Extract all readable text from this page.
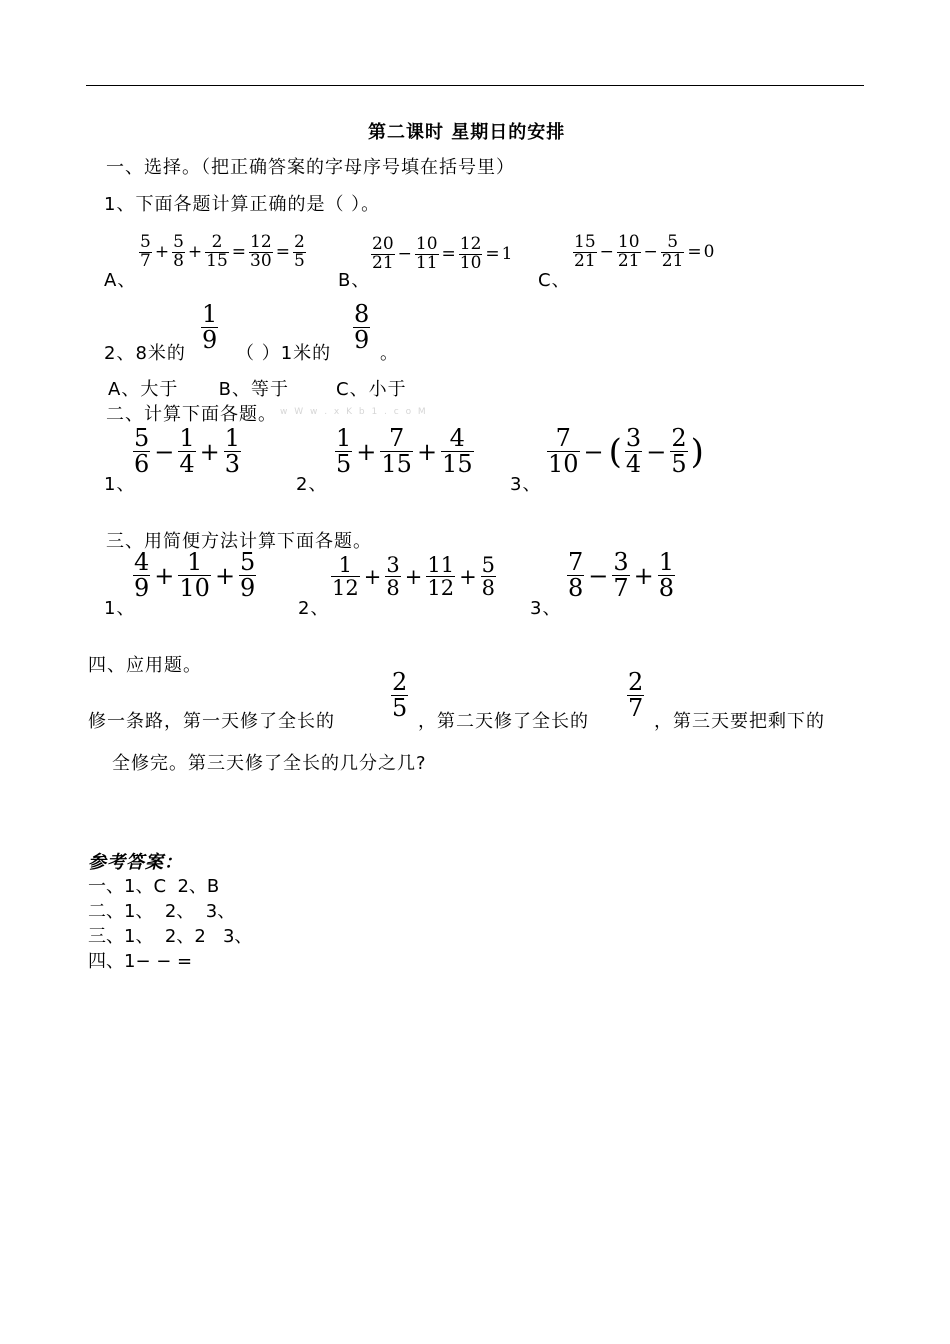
第二课时 星期日的安排
一、选择。（把正确答案的字母序号填在括号里）
1、下面各题计算正确的是（ ）。
A、
$\frac{5}{7} + \frac{5}{8} + \frac{2}{15} = \frac{12}{30} = \frac{2}{5}$
B、
$\frac{20}{21} - \frac{10}{11} = \frac{12}{10} = 1$
C、
$\frac{15}{21} - \frac{10}{21} - \frac{5}{21} = 0$
2、8米的
$\frac{1}{9}$
（ ）1米的
$\frac{8}{9}$
。
A、大于      B、等于       C、小于
二、计算下面各题。 w W w . x K b 1 . c o M
1、
$\frac{5}{6} - \frac{1}{4} + \frac{1}{3}$
2、
$\frac{1}{5} + \frac{7}{15} + \frac{4}{15}$
3、
$\frac{7}{10}$ − ( $\frac{3}{4} - \frac{2}{5}$ )
三、用简便方法计算下面各题。
1、
$\frac{4}{9} + \frac{1}{10} + \frac{5}{9}$
2、
$\frac{1}{12} + \frac{3}{8} + \frac{11}{12} + \frac{5}{8}$
3、
$\frac{7}{8} - \frac{3}{7} + \frac{1}{8}$
四、应用题。
修一条路，第一天修了全长的
$\frac{2}{5}$
，第二天修了全长的
$\frac{2}{7}$
，第三天要把剩下的
全修完。第三天修了全长的几分之几?
参考答案：
一、1、C  2、B
二、1、  2、  3、
三、1、  2、2   3、
四、1− − =
